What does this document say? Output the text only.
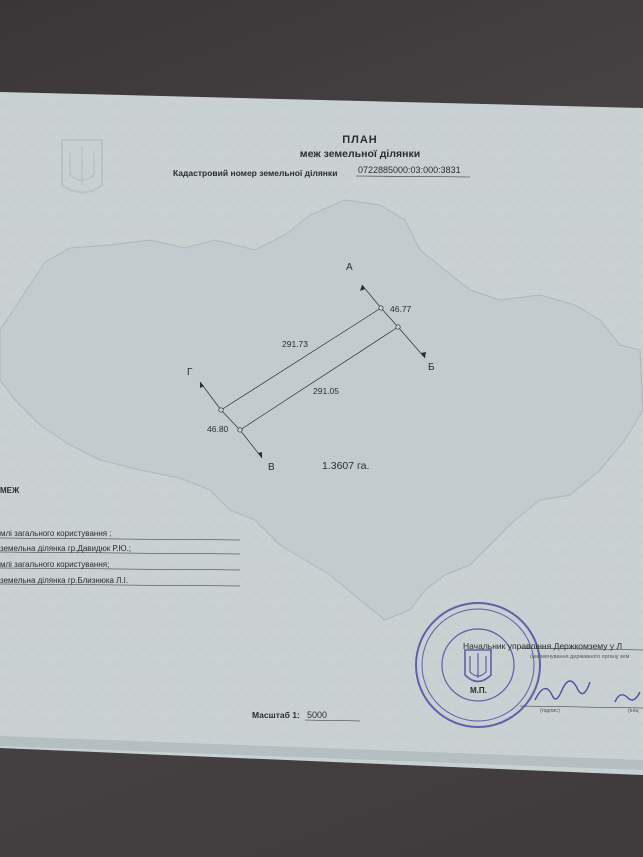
ПЛАН
меж земельної ділянки
Кадастровий номер земельної ділянки 0722885000:03:000:3831
А
Б
Г
В
46.77
291.73
291.05
46.80
1.3607 га.
МЕЖ
млі загального користування ;
земельна ділянка гр.Давидюк Р.Ю.;
млі загального користування;
земельна ділянка гр.Близнюка Л.І.
Масштаб 1: 5000
Начальник управління Держкомзему у Л
(найменування державного органу зем
М.П.
(підпис)	(ініц
